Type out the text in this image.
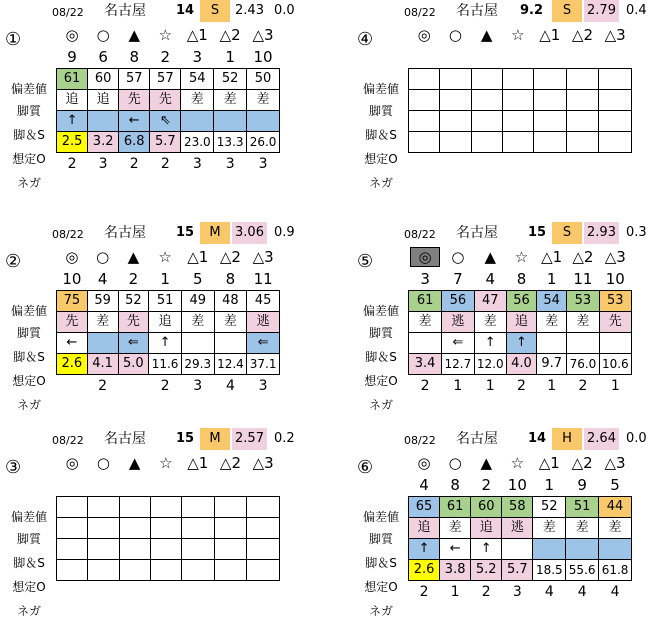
08/22 名古屋 14	S	2.43 0.0
①
偏差値
脚質
脚＆S
想定O
ネガ
◎	○	▲	☆	△1	△2	△3
9	6	8	2	3	1	10
61	60	57	57	54	52	50
追	追	先	先	差	差	差
↑		←	⇖			
2.5	3.2	6.8	5.7	23.0	13.3	26.0
2	3	2	2	3	3	3
08/22 名古屋 9.2	S	2.79 0.4
④
偏差値
脚質
脚＆S
想定O
ネガ
◎	○	▲	☆	△1	△2	△3

08/22 名古屋 15	M	3.06 0.9
②
偏差値
脚質
脚＆S
想定O
ネガ
◎	○	▲	☆	△1	△2	△3
10	4	2	1	5	8	11
75	59	52	51	49	48	45
先	差	先	追	差	差	逃
←		⇐	↑			⇐
2.6	4.1	5.0	11.6	29.3	12.4	37.1
	2		2	3	4	3
08/22 名古屋 15	S	2.93 0.3
⑤
偏差値
脚質
脚＆S
想定O
ネガ
◎	○	▲	☆	△1	△2	△3
3	7	4	8	1	11	10
61	56	47	56	54	53	53
差	逃	差	追	差	差	先
	⇐	↑	↑			
3.4	12.7	12.0	4.0	9.7	76.0	10.6
2	1	1	2	1	2	1
08/22 名古屋 15	M	2.57 0.2
③
偏差値
脚質
脚＆S
想定O
ネガ
◎	○	▲	☆	△1	△2	△3

08/22 名古屋 14	H	2.64 0.0
⑥
偏差値
脚質
脚＆S
想定O
ネガ
◎	○	▲	☆	△1	△2	△3
4	8	2	10	1	9	5
65	61	60	58	52	51	44
追	差	追	逃	差	差	差
↑	←	↑				
2.6	3.8	5.2	5.7	18.5	55.6	61.8
2	1	2	3	4	4	4
